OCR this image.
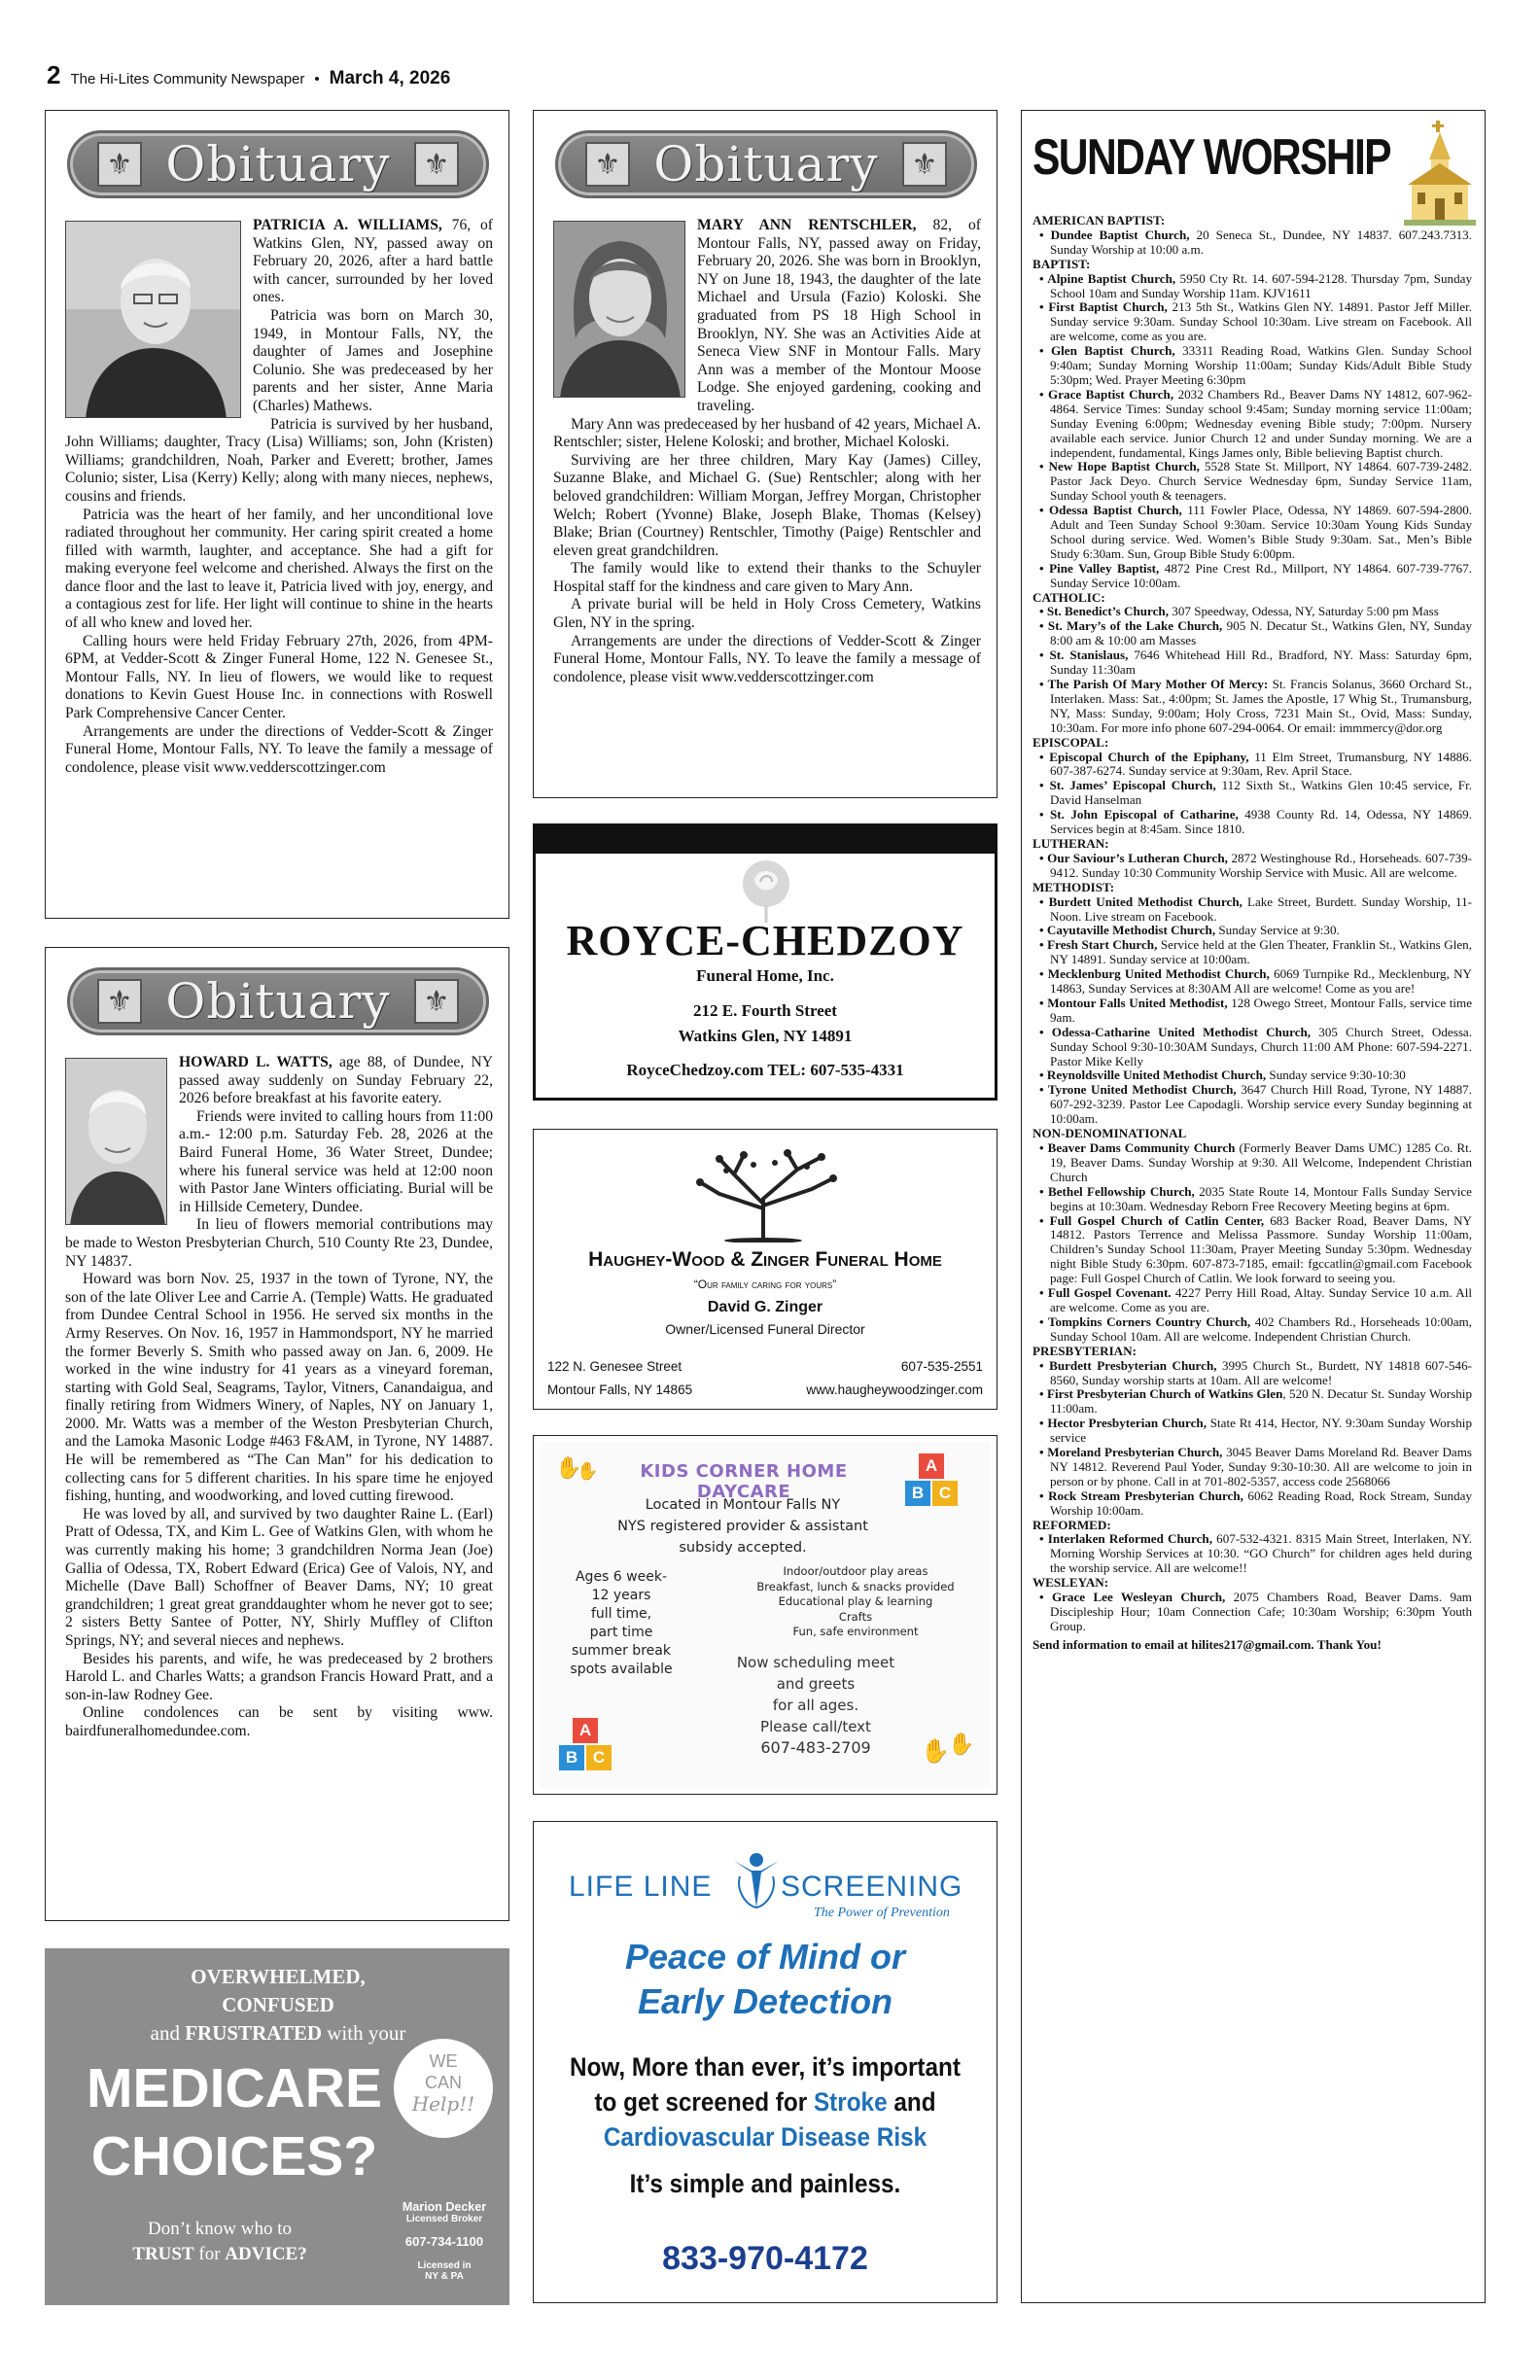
2 The Hi-Lites Community Newspaper • March 4, 2026
⚜ Obituary	⚜

PATRICIA A. WILLIAMS, 76, of Watkins Glen, NY, passed away on February 20, 2026, after a hard battle with cancer, surrounded by her loved ones.

Patricia was born on March 30, 1949, in Montour Falls, NY, the daughter of James and Josephine Colunio. She was predeceased by her parents and her sister, Anne Maria (Charles) Mathews.

Patricia is survived by her husband, John Williams; daughter, Tracy (Lisa) Williams; son, John (Kristen) Williams; grandchildren, Noah, Parker and Everett; brother, James Colunio; sister, Lisa (Kerry) Kelly; along with many nieces, nephews, cousins and friends.

Patricia was the heart of her family, and her unconditional love radiated throughout her community. Her caring spirit created a home filled with warmth, laughter, and acceptance. She had a gift for making everyone feel welcome and cherished. Always the first on the dance floor and the last to leave it, Patricia lived with joy, energy, and a contagious zest for life. Her light will continue to shine in the hearts of all who knew and loved her.

Calling hours were held Friday February 27th, 2026, from 4PM-6PM, at Vedder-Scott & Zinger Funeral Home, 122 N. Genesee St., Montour Falls, NY. In lieu of flowers, we would like to request donations to Kevin Guest House Inc. in connections with Roswell Park Comprehensive Cancer Center.

Arrangements are under the directions of Vedder-Scott & Zinger Funeral Home, Montour Falls, NY. To leave the family a message of condolence, please visit www.vedderscottzinger.com

⚜ Obituary	⚜

MARY ANN RENTSCHLER, 82, of Montour Falls, NY, passed away on Friday, February 20, 2026. She was born in Brooklyn, NY on June 18, 1943, the daughter of the late Michael and Ursula (Fazio) Koloski. She graduated from PS 18 High School in Brooklyn, NY. She was an Activities Aide at Seneca View SNF in Montour Falls. Mary Ann was a member of the Montour Moose Lodge. She enjoyed gardening, cooking and traveling.

Mary Ann was predeceased by her husband of 42 years, Michael A. Rentschler; sister, Helene Koloski; and brother, Michael Koloski.

Surviving are her three children, Mary Kay (James) Cilley, Suzanne Blake, and Michael G. (Sue) Rentschler; along with her beloved grandchildren: William Morgan, Jeffrey Morgan, Christopher Welch; Robert (Yvonne) Blake, Joseph Blake, Thomas (Kelsey) Blake; Brian (Courtney) Rentschler, Timothy (Paige) Rentschler and eleven great grandchildren.

The family would like to extend their thanks to the Schuyler Hospital staff for the kindness and care given to Mary Ann.

A private burial will be held in Holy Cross Cemetery, Watkins Glen, NY in the spring.

Arrangements are under the directions of Vedder-Scott & Zinger Funeral Home, Montour Falls, NY. To leave the family a message of condolence, please visit www.vedderscottzinger.com

⚜ Obituary	⚜

HOWARD L. WATTS, age 88, of Dundee, NY passed away suddenly on Sunday February 22, 2026 before breakfast at his favorite eatery.

Friends were invited to calling hours from 11:00 a.m.- 12:00 p.m. Saturday Feb. 28, 2026 at the Baird Funeral Home, 36 Water Street, Dundee; where his funeral service was held at 12:00 noon with Pastor Jane Winters officiating. Burial will be in Hillside Cemetery, Dundee.

In lieu of flowers memorial contributions may be made to Weston Presbyterian Church, 510 County Rte 23, Dundee, NY 14837.

Howard was born Nov. 25, 1937 in the town of Tyrone, NY, the son of the late Oliver Lee and Carrie A. (Temple) Watts. He graduated from Dundee Central School in 1956. He served six months in the Army Reserves. On Nov. 16, 1957 in Hammondsport, NY he married the former Beverly S. Smith who passed away on Jan. 6, 2009. He worked in the wine industry for 41 years as a vineyard foreman, starting with Gold Seal, Seagrams, Taylor, Vitners, Canandaigua, and finally retiring from Widmers Winery, of Naples, NY on January 1, 2000. Mr. Watts was a member of the Weston Presbyterian Church, and the Lamoka Masonic Lodge #463 F&AM, in Tyrone, NY 14887. He will be remembered as “The Can Man” for his dedication to collecting cans for 5 different charities. In his spare time he enjoyed fishing, hunting, and woodworking, and loved cutting firewood.

He was loved by all, and survived by two daughter Raine L. (Earl) Pratt of Odessa, TX, and Kim L. Gee of Watkins Glen, with whom he was currently making his home; 3 grandchildren Norma Jean (Joe) Gallia of Odessa, TX, Robert Edward (Erica) Gee of Valois, NY, and Michelle (Dave Ball) Schoffner of Beaver Dams, NY; 10 great grandchildren; 1 great great granddaughter whom he never got to see; 2 sisters Betty Santee of Potter, NY, Shirly Muffley of Clifton Springs, NY; and several nieces and nephews.

Besides his parents, and wife, he was predeceased by 2 brothers Harold L. and Charles Watts; a grandson Francis Howard Pratt, and a son-in-law Rodney Gee.

Online condolences can be sent by visiting www. bairdfuneralhomedundee.com.

OVERWHELMED,
CONFUSED
and FRUSTRATED with your
MEDICARE
CHOICES?
WE
CAN
Help!!
Don’t know who to
TRUST for ADVICE?
Marion Decker
Licensed Broker
607-734-1100
Licensed in
NY & PA
ROYCE-CHEDZOY
Funeral Home, Inc.
212 E. Fourth Street
Watkins Glen, NY 14891
RoyceChedzoy.com TEL: 607-535-4331
Haughey-Wood & Zinger Funeral Home
“Our family caring for yours”
David G. Zinger
Owner/Licensed Funeral Director
122 N. Genesee Street	607-535-2551
Montour Falls, NY 14865	www.haugheywoodzinger.com
✋
✋	KIDS CORNER HOME DAYCARE
A
B C
Located in Montour Falls NY
NYS registered provider & assistant
subsidy accepted.
Ages 6 week-
12 years
full time,
part time
summer break
spots available
Indoor/outdoor play areas
Breakfast, lunch & snacks provided
Educational play & learning
Crafts
Fun, safe environment
Now scheduling meet
and greets
for all ages.
Please call/text
607-483-2709
A
B C	✋
✋
LIFE LINE SCREENING
The Power of Prevention
Peace of Mind or
Early Detection
Now, More than ever, it’s important
to get screened for Stroke and
Cardiovascular Disease Risk
It’s simple and painless.
833-970-4172
SUNDAY WORSHIP
AMERICAN BAPTIST:
• Dundee Baptist Church, 20 Seneca St., Dundee, NY 14837. 607.243.7313. Sunday Worship at 10:00 a.m.
BAPTIST:
• Alpine Baptist Church, 5950 Cty Rt. 14. 607-594-2128. Thursday 7pm, Sunday School 10am and Sunday Worship 11am. KJV1611
• First Baptist Church, 213 5th St., Watkins Glen NY. 14891. Pastor Jeff Miller. Sunday service 9:30am. Sunday School 10:30am. Live stream on Facebook. All are welcome, come as you are.
• Glen Baptist Church, 33311 Reading Road, Watkins Glen. Sunday School 9:40am; Sunday Morning Worship 11:00am; Sunday Kids/Adult Bible Study 5:30pm; Wed. Prayer Meeting 6:30pm
• Grace Baptist Church, 2032 Chambers Rd., Beaver Dams NY 14812, 607-962-4864. Service Times: Sunday school 9:45am; Sunday morning service 11:00am; Sunday Evening 6:00pm; Wednesday evening Bible study; 7:00pm. Nursery available each service. Junior Church 12 and under Sunday morning. We are a independent, fundamental, Kings James only, Bible believing Baptist church.
• New Hope Baptist Church, 5528 State St. Millport, NY 14864. 607-739-2482. Pastor Jack Deyo. Church Service Wednesday 6pm, Sunday Service 11am, Sunday School youth & teenagers.
• Odessa Baptist Church, 111 Fowler Place, Odessa, NY 14869. 607-594-2800. Adult and Teen Sunday School 9:30am. Service 10:30am Young Kids Sunday School during service. Wed. Women’s Bible Study 9:30am. Sat., Men’s Bible Study 6:30am. Sun, Group Bible Study 6:00pm.
• Pine Valley Baptist, 4872 Pine Crest Rd., Millport, NY 14864. 607-739-7767. Sunday Service 10:00am.
CATHOLIC:
• St. Benedict’s Church, 307 Speedway, Odessa, NY, Saturday 5:00 pm Mass
• St. Mary’s of the Lake Church, 905 N. Decatur St., Watkins Glen, NY, Sunday 8:00 am & 10:00 am Masses
• St. Stanislaus, 7646 Whitehead Hill Rd., Bradford, NY. Mass: Saturday 6pm, Sunday 11:30am
• The Parish Of Mary Mother Of Mercy: St. Francis Solanus, 3660 Orchard St., Interlaken. Mass: Sat., 4:00pm; St. James the Apostle, 17 Whig St., Trumansburg, NY, Mass: Sunday, 9:00am; Holy Cross, 7231 Main St., Ovid, Mass: Sunday, 10:30am. For more info phone 607-294-0064. Or email: immmercy@dor.org
EPISCOPAL:
• Episcopal Church of the Epiphany, 11 Elm Street, Trumansburg, NY 14886. 607-387-6274. Sunday service at 9:30am, Rev. April Stace.
• St. James’ Episcopal Church, 112 Sixth St., Watkins Glen 10:45 service, Fr. David Hanselman
• St. John Episcopal of Catharine, 4938 County Rd. 14, Odessa, NY 14869. Services begin at 8:45am. Since 1810.
LUTHERAN:
• Our Saviour’s Lutheran Church, 2872 Westinghouse Rd., Horseheads. 607-739-9412. Sunday 10:30 Community Worship Service with Music. All are welcome.
METHODIST:
• Burdett United Methodist Church, Lake Street, Burdett. Sunday Worship, 11-Noon. Live stream on Facebook.
• Cayutaville Methodist Church, Sunday Service at 9:30.
• Fresh Start Church, Service held at the Glen Theater, Franklin St., Watkins Glen, NY 14891. Sunday service at 10:00am.
• Mecklenburg United Methodist Church, 6069 Turnpike Rd., Mecklenburg, NY 14863, Sunday Services at 8:30AM All are welcome! Come as you are!
• Montour Falls United Methodist, 128 Owego Street, Montour Falls, service time 9am.
• Odessa-Catharine United Methodist Church, 305 Church Street, Odessa. Sunday School 9:30-10:30AM Sundays, Church 11:00 AM Phone: 607-594-2271. Pastor Mike Kelly
• Reynoldsville United Methodist Church, Sunday service 9:30-10:30
• Tyrone United Methodist Church, 3647 Church Hill Road, Tyrone, NY 14887. 607-292-3239. Pastor Lee Capodagli. Worship service every Sunday beginning at 10:00am.
NON-DENOMINATIONAL
• Beaver Dams Community Church (Formerly Beaver Dams UMC) 1285 Co. Rt. 19, Beaver Dams. Sunday Worship at 9:30. All Welcome, Independent Christian Church
• Bethel Fellowship Church, 2035 State Route 14, Montour Falls Sunday Service begins at 10:30am. Wednesday Reborn Free Recovery Meeting begins at 6pm.
• Full Gospel Church of Catlin Center, 683 Backer Road, Beaver Dams, NY 14812. Pastors Terrence and Melissa Passmore. Sunday Worship 11:00am, Children’s Sunday School 11:30am, Prayer Meeting Sunday 5:30pm. Wednesday night Bible Study 6:30pm. 607-873-7185, email: fgccatlin@gmail.com Facebook page: Full Gospel Church of Catlin. We look forward to seeing you.
• Full Gospel Covenant. 4227 Perry Hill Road, Altay. Sunday Service 10 a.m. All are welcome. Come as you are.
• Tompkins Corners Country Church, 402 Chambers Rd., Horseheads 10:00am, Sunday School 10am. All are welcome. Independent Christian Church.
PRESBYTERIAN:
• Burdett Presbyterian Church, 3995 Church St., Burdett, NY 14818 607-546-8560, Sunday worship starts at 10am. All are welcome!
• First Presbyterian Church of Watkins Glen, 520 N. Decatur St. Sunday Worship 11:00am.
• Hector Presbyterian Church, State Rt 414, Hector, NY. 9:30am Sunday Worship service
• Moreland Presbyterian Church, 3045 Beaver Dams Moreland Rd. Beaver Dams NY 14812. Reverend Paul Yoder, Sunday 9:30-10:30. All are welcome to join in person or by phone. Call in at 701-802-5357, access code 2568066
• Rock Stream Presbyterian Church, 6062 Reading Road, Rock Stream, Sunday Worship 10:00am.
REFORMED:
• Interlaken Reformed Church, 607-532-4321. 8315 Main Street, Interlaken, NY. Morning Worship Services at 10:30. “GO Church” for children ages held during the worship service. All are welcome!!
WESLEYAN:
• Grace Lee Wesleyan Church, 2075 Chambers Road, Beaver Dams. 9am Discipleship Hour; 10am Connection Cafe; 10:30am Worship; 6:30pm Youth Group.
Send information to email at hilites217@gmail.com. Thank You!
